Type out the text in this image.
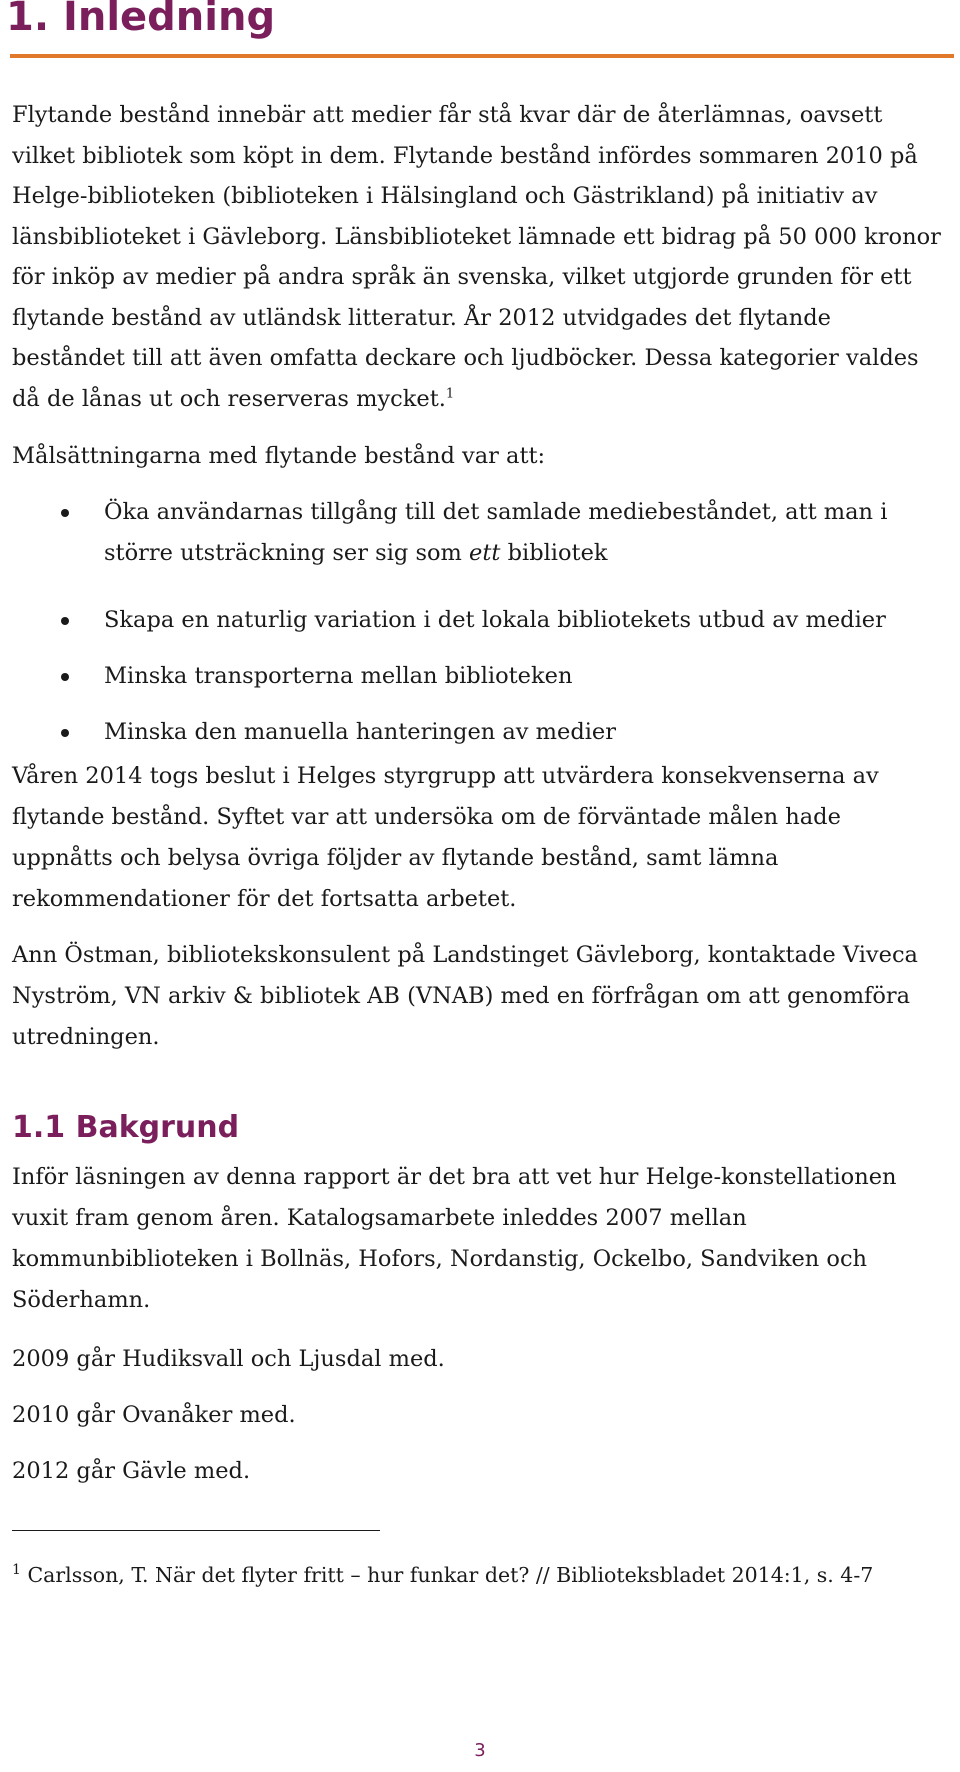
1. Inledning

Flytande bestånd innebär att medier får stå kvar där de återlämnas, oavsett vilket bibliotek som köpt in dem. Flytande bestånd infördes sommaren 2010 på Helge-biblioteken (biblioteken i Hälsingland och Gästrikland) på initiativ av länsbiblioteket i Gävleborg. Länsbiblioteket lämnade ett bidrag på 50 000 kronor för inköp av medier på andra språk än svenska, vilket utgjorde grunden för ett flytande bestånd av utländsk litteratur. År 2012 utvidgades det flytande beståndet till att även omfatta deckare och ljudböcker. Dessa kategorier valdes då de lånas ut och reserveras mycket.$^1$

Målsättningarna med flytande bestånd var att:

Öka användarnas tillgång till det samlade mediebeståndet, att man i större utsträckning ser sig som ett bibliotek
Skapa en naturlig variation i det lokala bibliotekets utbud av medier
Minska transporterna mellan biblioteken
Minska den manuella hanteringen av medier

Våren 2014 togs beslut i Helges styrgrupp att utvärdera konsekvenserna av flytande bestånd. Syftet var att undersöka om de förväntade målen hade uppnåtts och belysa övriga följder av flytande bestånd, samt lämna rekommendationer för det fortsatta arbetet.

Ann Östman, bibliotekskonsulent på Landstinget Gävleborg, kontaktade Viveca Nyström, VN arkiv & bibliotek AB (VNAB) med en förfrågan om att genomföra utredningen.

1.1 Bakgrund

Inför läsningen av denna rapport är det bra att vet hur Helge-konstellationen vuxit fram genom åren. Katalogsamarbete inleddes 2007 mellan kommunbiblioteken i Bollnäs, Hofors, Nordanstig, Ockelbo, Sandviken och Söderhamn.

2009 går Hudiksvall och Ljusdal med.

2010 går Ovanåker med.

2012 går Gävle med.

$^1$ Carlsson, T. När det flyter fritt – hur funkar det? // Biblioteksbladet 2014:1, s. 4-7

3
